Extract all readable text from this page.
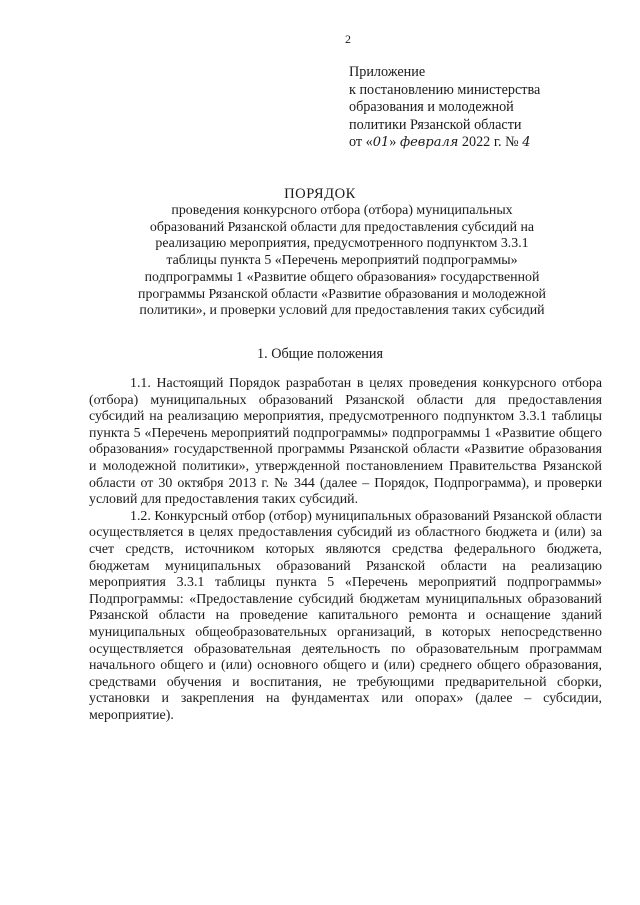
2
Приложение
к постановлению министерства
образования и молодежной
политики Рязанской области
от «01» февраля 2022 г. № 4
ПОРЯДОК
проведения конкурсного отбора (отбора) муниципальных
образований Рязанской области для предоставления субсидий на
реализацию мероприятия, предусмотренного подпунктом 3.3.1
таблицы пункта 5 «Перечень мероприятий подпрограммы»
подпрограммы 1 «Развитие общего образования» государственной
программы Рязанской области «Развитие образования и молодежной
политики», и проверки условий для предоставления таких субсидий
1. Общие положения

1.1. Настоящий Порядок разработан в целях проведения конкурсного отбора (отбора) муниципальных образований Рязанской области для предоставления субсидий на реализацию мероприятия, предусмотренного подпунктом 3.3.1 таблицы пункта 5 «Перечень мероприятий подпрограммы» подпрограммы 1 «Развитие общего образования» государственной программы Рязанской области «Развитие образования и молодежной политики», утвержденной постановлением Правительства Рязанской области от 30 октября 2013 г. № 344 (далее – Порядок, Подпрограмма), и проверки условий для предоставления таких субсидий.

1.2. Конкурсный отбор (отбор) муниципальных образований Рязанской области осуществляется в целях предоставления субсидий из областного бюджета и (или) за счет средств, источником которых являются средства федерального бюджета, бюджетам муниципальных образований Рязанской области на реализацию мероприятия 3.3.1 таблицы пункта 5 «Перечень мероприятий подпрограммы» Подпрограммы: «Предоставление субсидий бюджетам муниципальных образований Рязанской области на проведение капитального ремонта и оснащение зданий муниципальных общеобразовательных организаций, в которых непосредственно осуществляется образовательная деятельность по образовательным программам начального общего и (или) основного общего и (или) среднего общего образования, средствами обучения и воспитания, не требующими предварительной сборки, установки и закрепления на фундаментах или опорах» (далее – субсидии, мероприятие).
